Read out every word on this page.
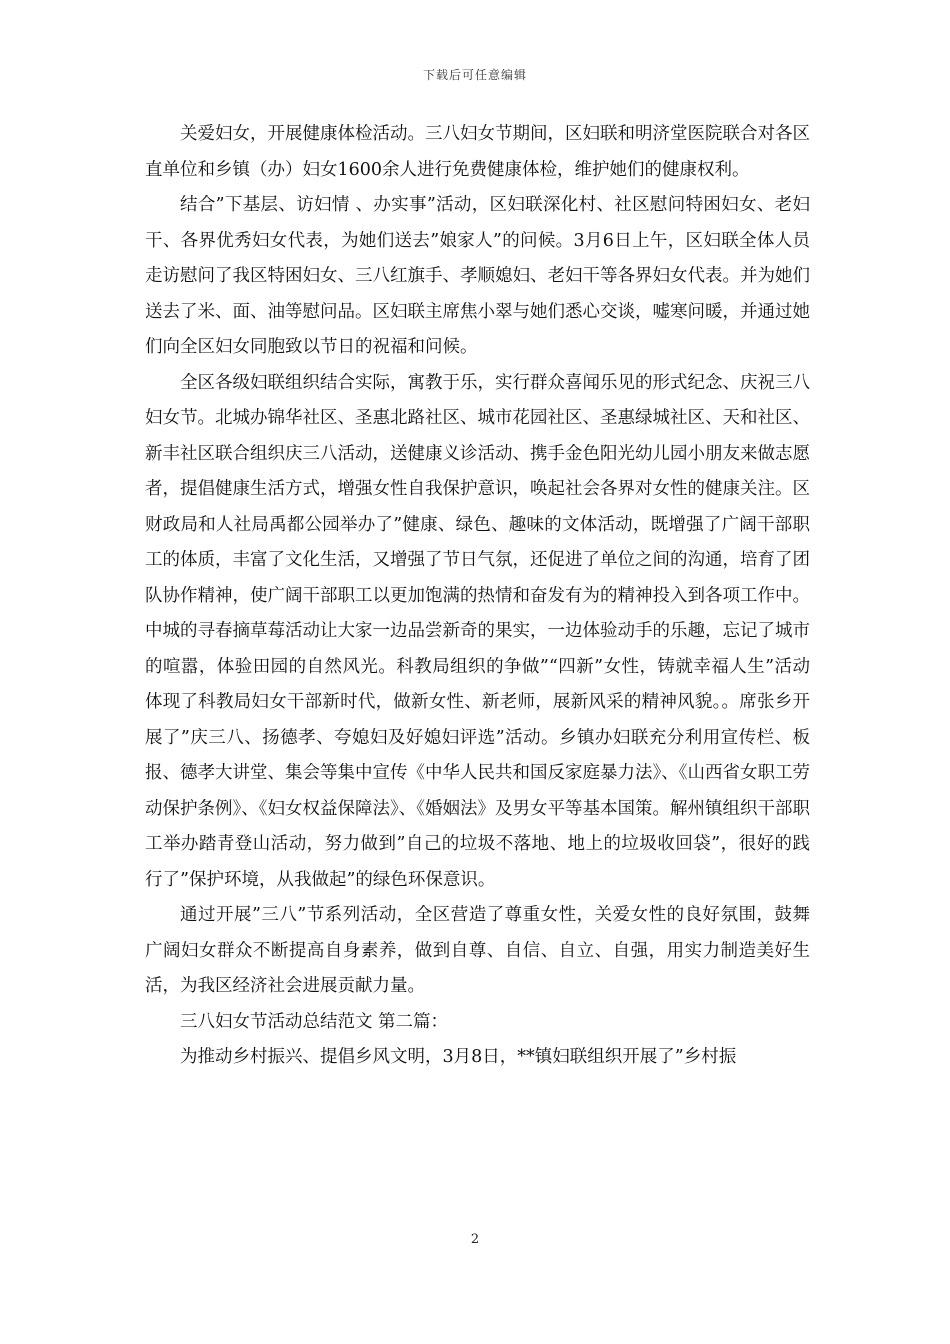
下载后可任意编辑

关爱妇女，开展健康体检活动。三八妇女节期间，区妇联和明济堂医院联合对各区直单位和乡镇（办）妇女1600余人进行免费健康体检，维护她们的健康权利。

结合”下基层、访妇情 、办实事”活动，区妇联深化村、社区慰问特困妇女、老妇干、各界优秀妇女代表，为她们送去”娘家人”的问候。3月6日上午，区妇联全体人员走访慰问了我区特困妇女、三八红旗手、孝顺媳妇、老妇干等各界妇女代表。并为她们送去了米、面、油等慰问品。区妇联主席焦小翠与她们悉心交谈，嘘寒问暖，并通过她们向全区妇女同胞致以节日的祝福和问候。

全区各级妇联组织结合实际，寓教于乐，实行群众喜闻乐见的形式纪念、庆祝三八妇女节。北城办锦华社区、圣惠北路社区、城市花园社区、圣惠绿城社区、天和社区、新丰社区联合组织庆三八活动，送健康义诊活动、携手金色阳光幼儿园小朋友来做志愿者，提倡健康生活方式，增强女性自我保护意识，唤起社会各界对女性的健康关注。区财政局和人社局禹都公园举办了”健康、绿色、趣味的文体活动，既增强了广阔干部职工的体质，丰富了文化生活，又增强了节日气氛，还促进了单位之间的沟通，培育了团队协作精神，使广阔干部职工以更加饱满的热情和奋发有为的精神投入到各项工作中。中城的寻春摘草莓活动让大家一边品尝新奇的果实，一边体验动手的乐趣，忘记了城市的喧嚣，体验田园的自然风光。科教局组织的争做”“四新”女性，铸就幸福人生”活动体现了科教局妇女干部新时代，做新女性、新老师，展新风采的精神风貌。。席张乡开展了”庆三八、扬德孝、夸媳妇及好媳妇评选”活动。乡镇办妇联充分利用宣传栏、板报、德孝大讲堂、集会等集中宣传《中华人民共和国反家庭暴力法》、《山西省女职工劳动保护条例》、《妇女权益保障法》、《婚姻法》及男女平等基本国策。解州镇组织干部职工举办踏青登山活动，努力做到”自己的垃圾不落地、地上的垃圾收回袋”，很好的践行了”保护环境，从我做起”的绿色环保意识。

通过开展”三八”节系列活动，全区营造了尊重女性，关爱女性的良好氛围，鼓舞广阔妇女群众不断提高自身素养，做到自尊、自信、自立、自强，用实力制造美好生活，为我区经济社会进展贡献力量。

三八妇女节活动总结范文 第二篇：

为推动乡村振兴、提倡乡风文明，3月8日，**镇妇联组织开展了”乡村振

2
